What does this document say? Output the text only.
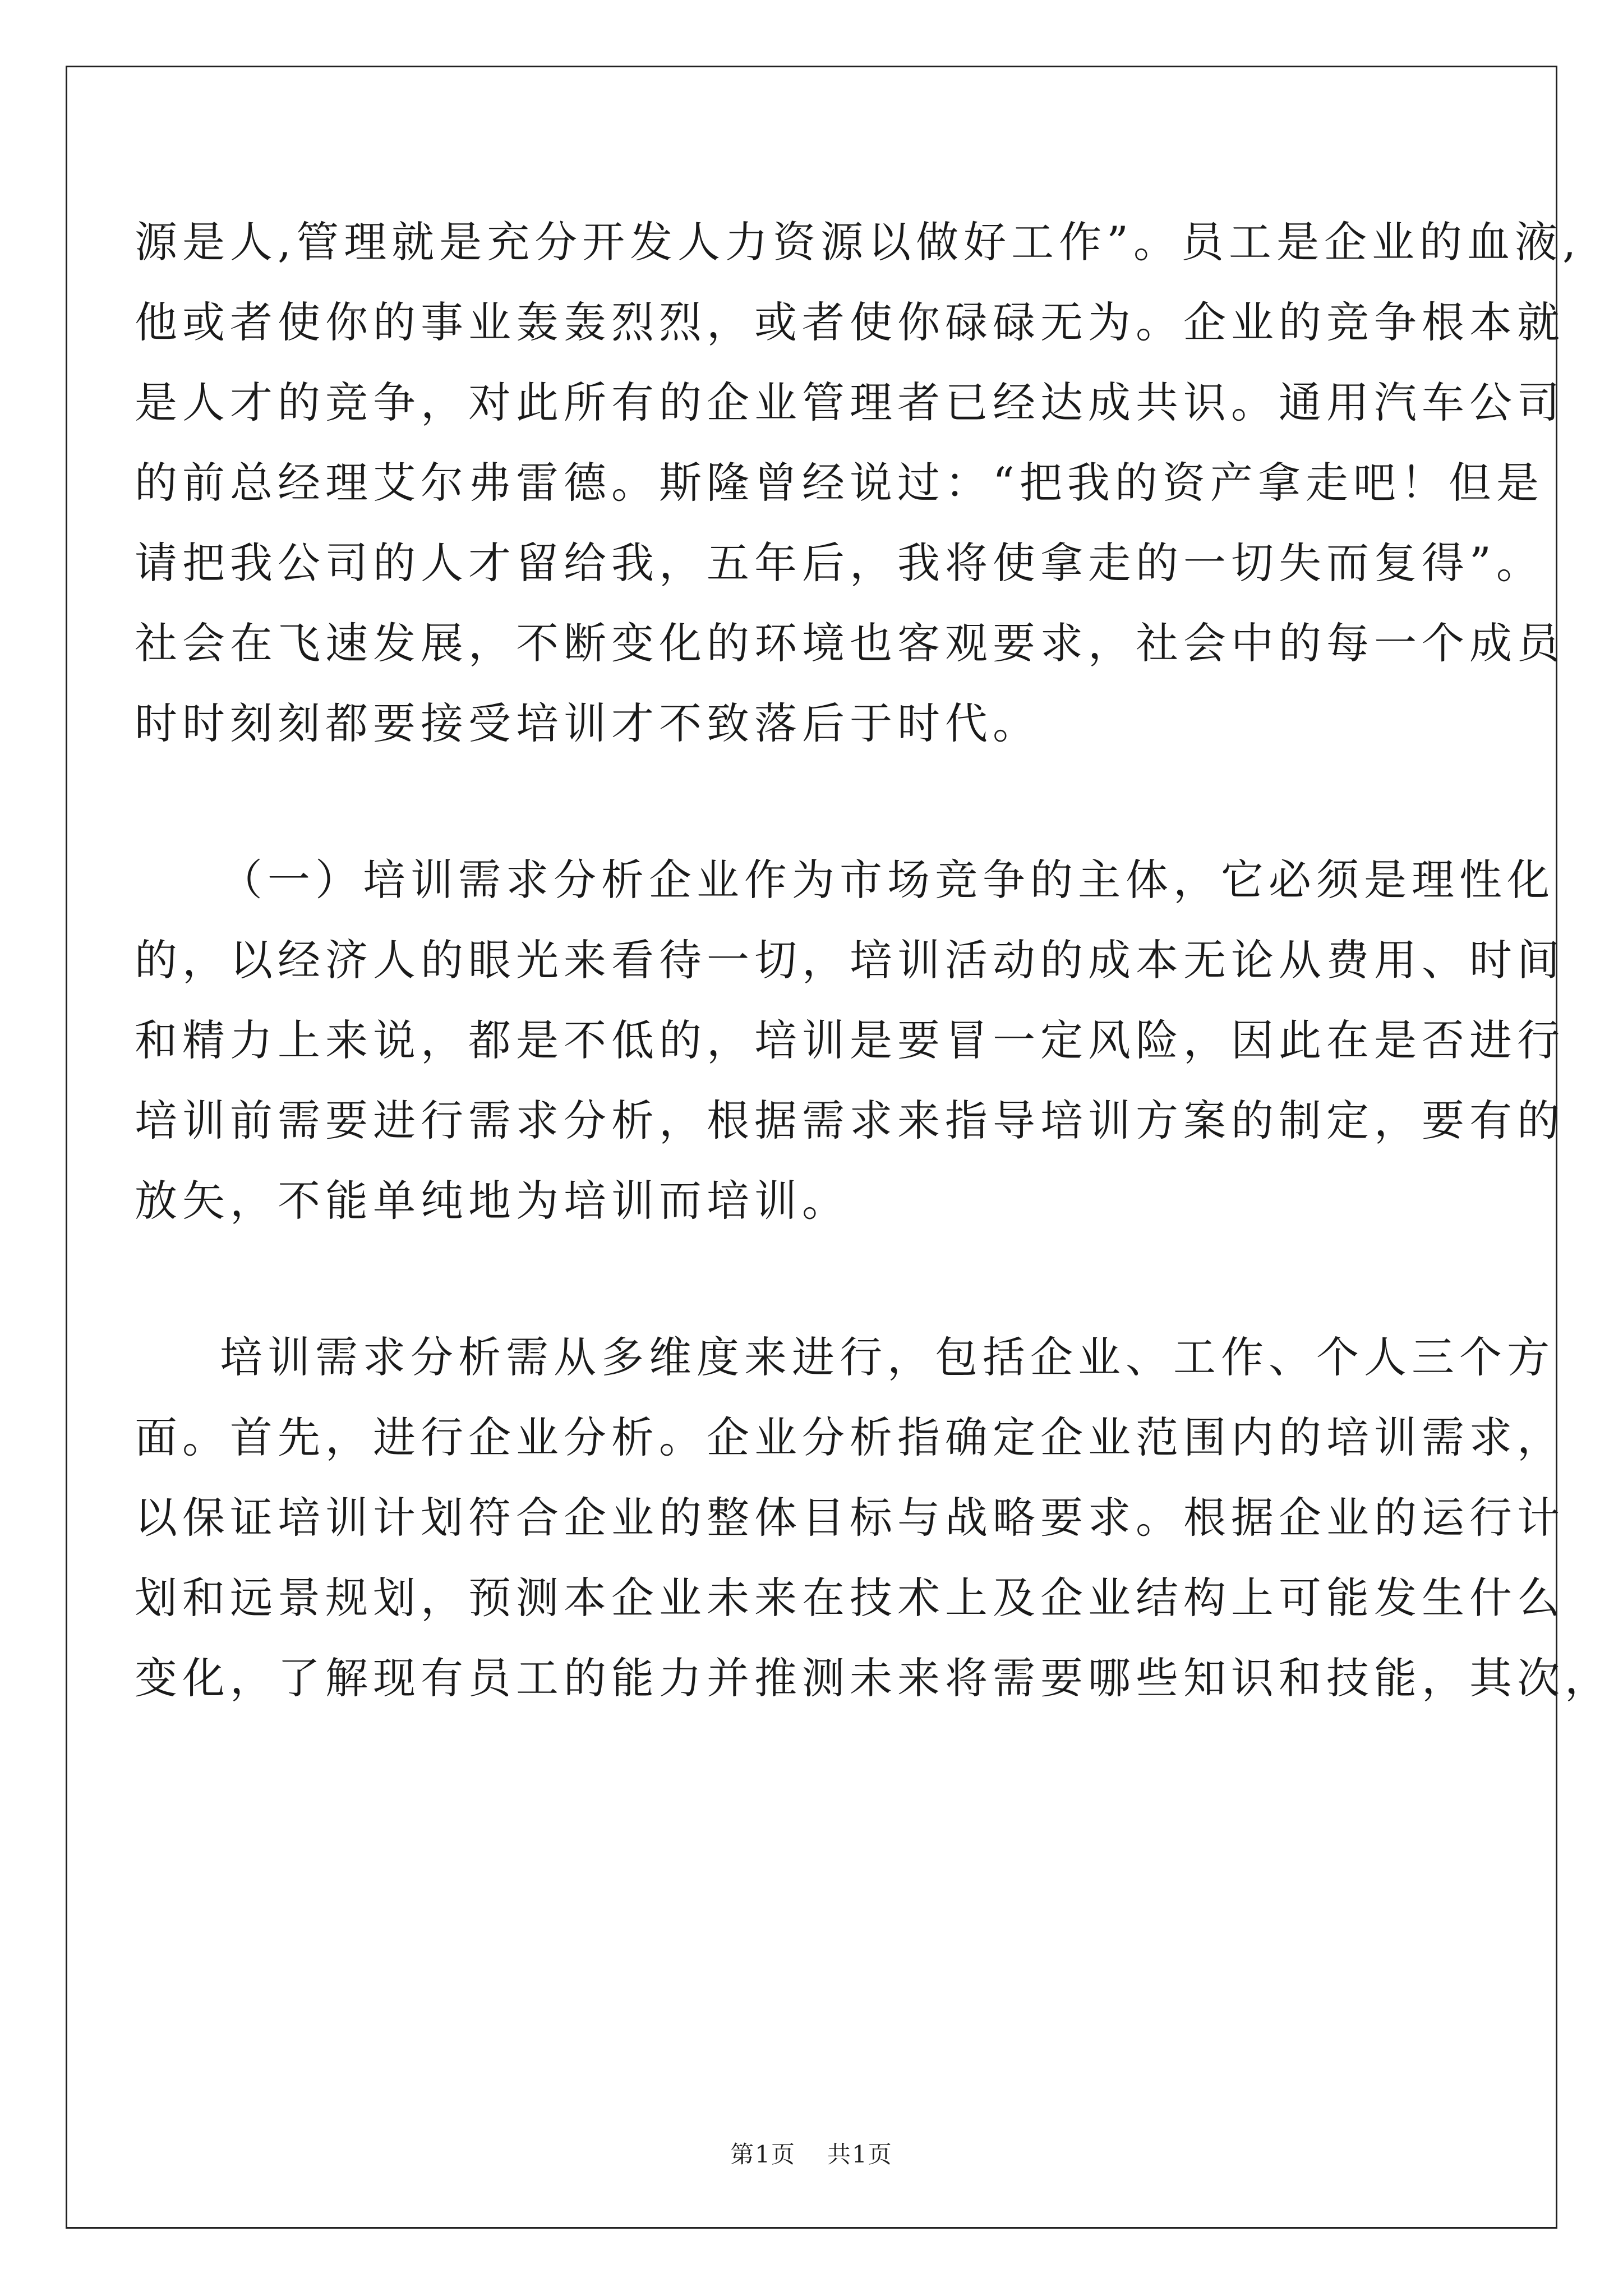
源是人,管理就是充分开发人力资源以做好工作”。员工是企业的血液,
他或者使你的事业轰轰烈烈，或者使你碌碌无为。企业的竞争根本就
是人才的竞争，对此所有的企业管理者已经达成共识。通用汽车公司
的前总经理艾尔弗雷德。斯隆曾经说过：“把我的资产拿走吧！但是
请把我公司的人才留给我，五年后，我将使拿走的一切失而复得”。
社会在飞速发展，不断变化的环境也客观要求，社会中的每一个成员
时时刻刻都要接受培训才不致落后于时代。
（一）培训需求分析企业作为市场竞争的主体，它必须是理性化
的，以经济人的眼光来看待一切，培训活动的成本无论从费用、时间
和精力上来说，都是不低的，培训是要冒一定风险，因此在是否进行
培训前需要进行需求分析，根据需求来指导培训方案的制定，要有的
放矢，不能单纯地为培训而培训。
培训需求分析需从多维度来进行，包括企业、工作、个人三个方
面。首先，进行企业分析。企业分析指确定企业范围内的培训需求，
以保证培训计划符合企业的整体目标与战略要求。根据企业的运行计
划和远景规划，预测本企业未来在技术上及企业结构上可能发生什么
变化，了解现有员工的能力并推测未来将需要哪些知识和技能，其次，
第1页 共1页
